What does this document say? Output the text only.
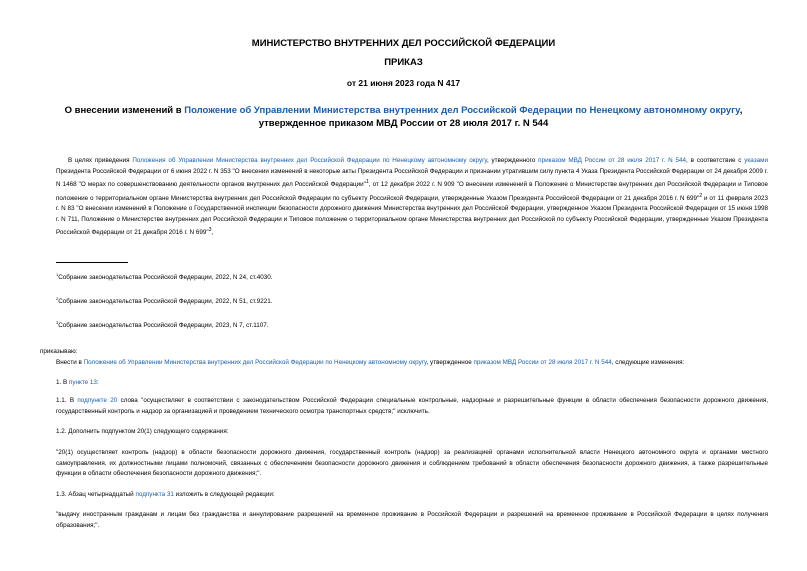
МИНИСТЕРСТВО ВНУТРЕННИХ ДЕЛ РОССИЙСКОЙ ФЕДЕРАЦИИ
ПРИКАЗ
от 21 июня 2023 года N 417
О внесении изменений в Положение об Управлении Министерства внутренних дел Российской Федерации по Ненецкому автономному округу, утвержденное приказом МВД России от 28 июля 2017 г. N 544
В целях приведения Положения об Управлении Министерства внутренних дел Российской Федерации по Ненецкому автономному округу, утвержденного приказом МВД России от 28 июля 2017 г. N 544, в соответствие с указами Президента Российской Федерации от 6 июня 2022 г. N 353 "О внесении изменений в некоторые акты Президента Российской Федерации и признании утратившим силу пункта 4 Указа Президента Российской Федерации от 24 декабря 2009 г. N 1468 "О мерах по совершенствованию деятельности органов внутренних дел Российской Федерации"$^1$, от 12 декабря 2022 г. N 909 "О внесении изменений в Положение о Министерстве внутренних дел Российской Федерации и Типовое положение о территориальном органе Министерства внутренних дел Российской Федерации по субъекту Российской Федерации, утвержденные Указом Президента Российской Федерации от 21 декабря 2016 г. N 699"$^2$ и от 11 февраля 2023 г. N 83 "О внесении изменений в Положение о Государственной инспекции безопасности дорожного движения Министерства внутренних дел Российской Федерации, утвержденное Указом Президента Российской Федерации от 15 июня 1998 г. N 711, Положение о Министерстве внутренних дел Российской Федерации и Типовое положение о территориальном органе Министерства внутренних дел Российской по субъекту Российской Федерации, утвержденные Указом Президента Российской Федерации от 21 декабря 2016 г. N 699"$^3$,
$^1$Собрание законодательства Российской Федерации, 2022, N 24, ст.4030.
$^2$Собрание законодательства Российской Федерации, 2022, N 51, ст.9221.
$^3$Собрание законодательства Российской Федерации, 2023, N 7, ст.1107.
приказываю:
Внести в Положение об Управлении Министерства внутренних дел Российской Федерации по Ненецкому автономному округу, утвержденное приказом МВД России от 28 июля 2017 г. N 544, следующие изменения:
1. В пункте 13:
1.1. В подпункте 20 слова "осуществляет в соответствии с законодательством Российской Федерации специальные контрольные, надзорные и разрешительные функции в области обеспечения безопасности дорожного движения, государственный контроль и надзор за организацией и проведением технического осмотра транспортных средств;" исключить.
1.2. Дополнить подпунктом 20(1) следующего содержания:
"20(1) осуществляет контроль (надзор) в области безопасности дорожного движения, государственный контроль (надзор) за реализацией органами исполнительной власти Ненецкого автономного округа и органами местного самоуправления, их должностными лицами полномочий, связанных с обеспечением безопасности дорожного движения и соблюдением требований в области обеспечения безопасности дорожного движения, а также разрешительные функции в области обеспечения безопасности дорожного движения;".
1.3. Абзац четырнадцатый подпункта 31 изложить в следующей редакции:
"выдачу иностранным гражданам и лицам без гражданства и аннулирование разрешений на временное проживание в Российской Федерации и разрешений на временное проживание в Российской Федерации в целях получения образования;".
